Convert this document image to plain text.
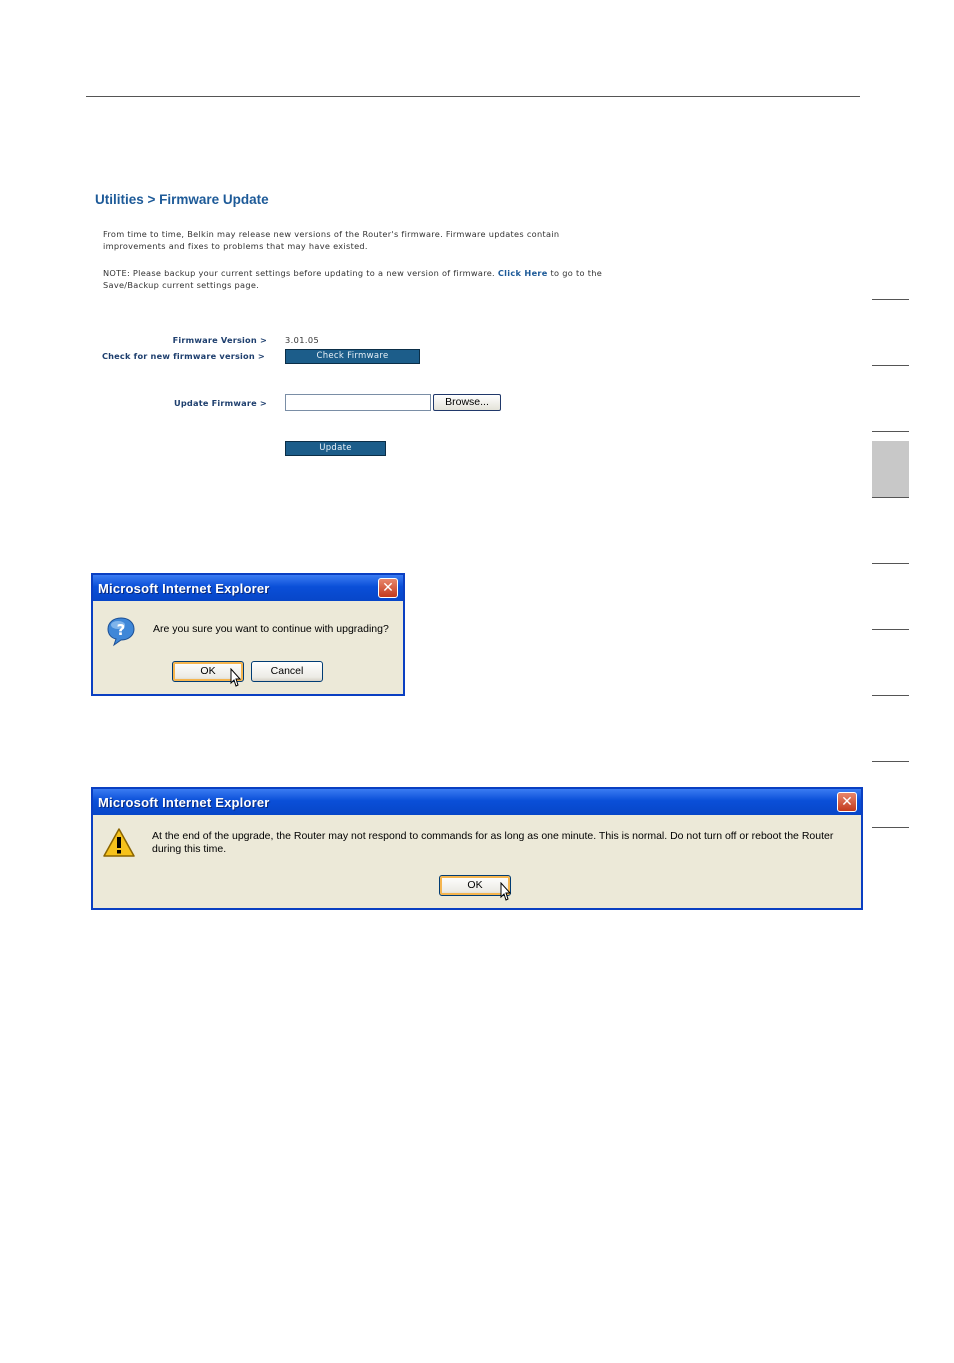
Utilities > Firmware Update
From time to time, Belkin may release new versions of the Router's firmware. Firmware updates contain improvements and fixes to problems that may have existed.
NOTE: Please backup your current settings before updating to a new version of firmware. Click Here to go to the Save/Backup current settings page.
Firmware Version > 3.01.05
Check for new firmware version >	Check Firmware
Update Firmware >	Browse...
Update
Microsoft Internet Explorer	✕
?	Are you sure you want to continue with upgrading?
OK	Cancel
Microsoft Internet Explorer	✕
At the end of the upgrade, the Router may not respond to commands for as long as one minute. This is normal. Do not turn off or reboot the Router
during this time.
OK
